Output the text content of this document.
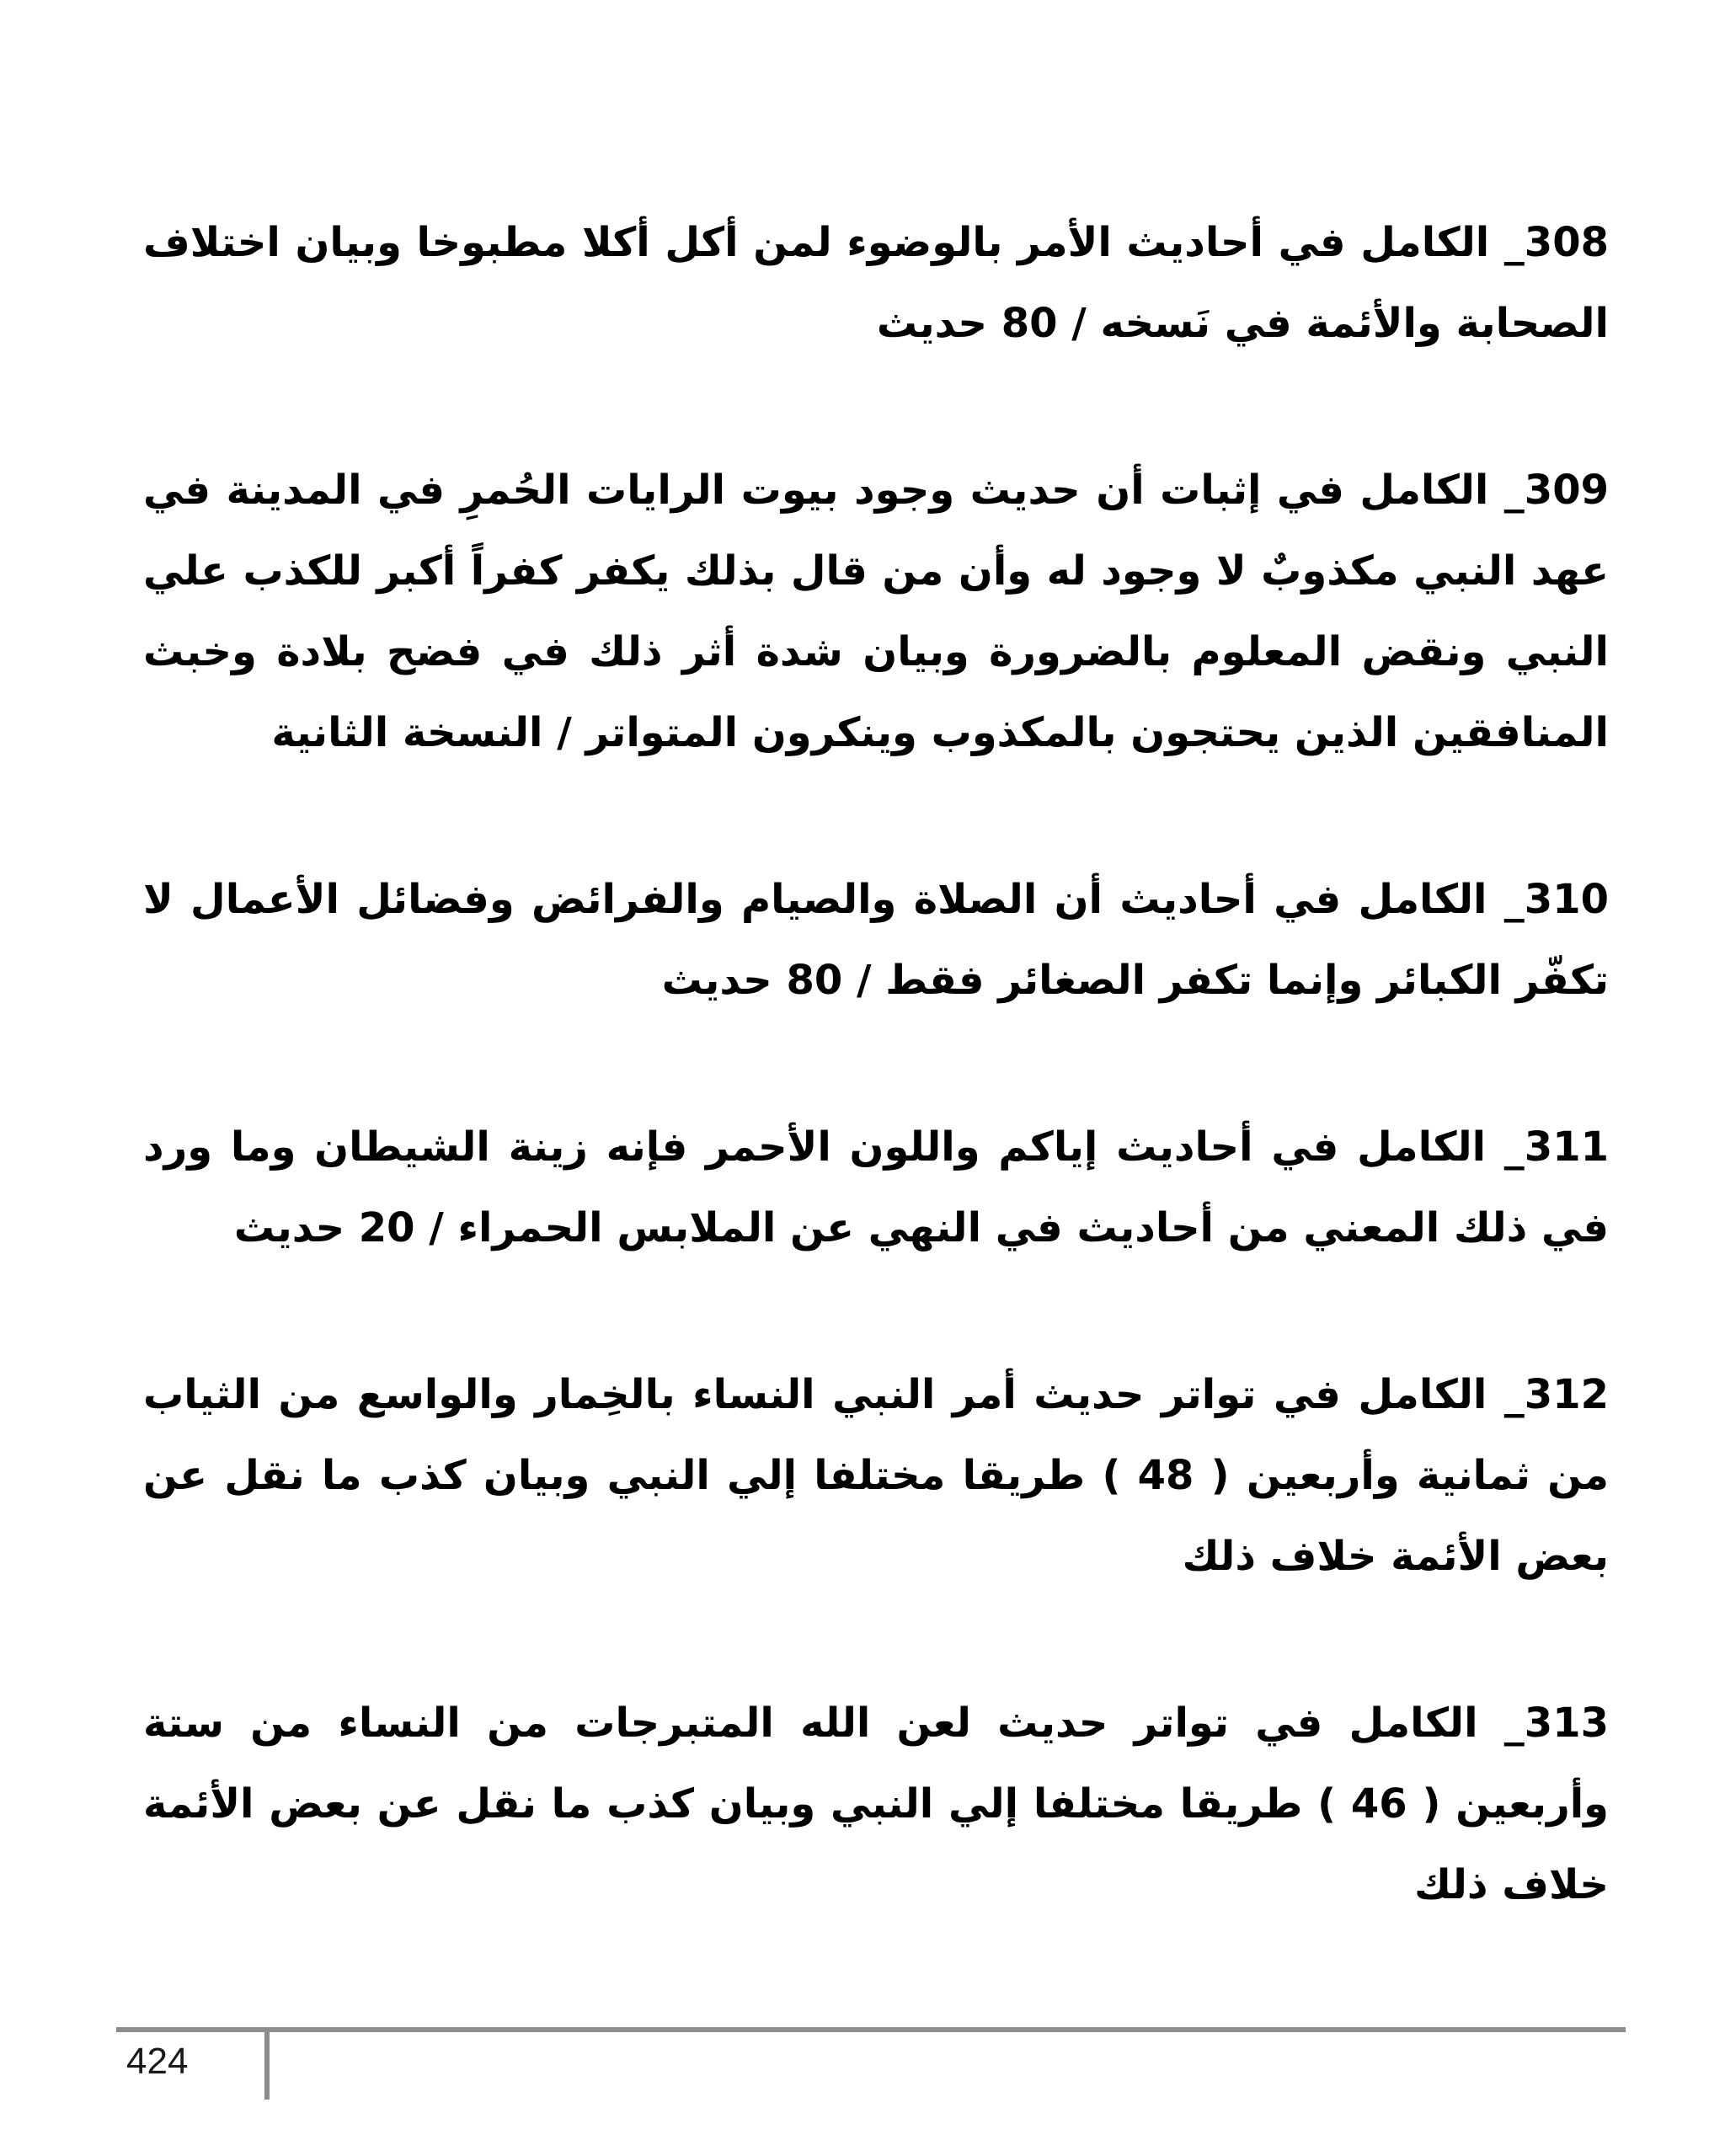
308_ الكامل في أحاديث الأمر بالوضوء لمن أكل أكلا مطبوخا وبيان اختلاف الصحابة والأئمة في نَسخه / 80 حديث

309_ الكامل في إثبات أن حديث وجود بيوت الرايات الحُمرِ في المدينة في عهد النبي مكذوبٌ لا وجود له وأن من قال بذلك يكفر كفراً أكبر للكذب علي النبي ونقض المعلوم بالضرورة وبيان شدة أثر ذلك في فضح بلادة وخبث المنافقين الذين يحتجون بالمكذوب وينكرون المتواتر / النسخة الثانية

310_ الكامل في أحاديث أن الصلاة والصيام والفرائض وفضائل الأعمال لا تكفّر الكبائر وإنما تكفر الصغائر فقط / 80 حديث

311_ الكامل في أحاديث إياكم واللون الأحمر فإنه زينة الشيطان وما ورد في ذلك المعني من أحاديث في النهي عن الملابس الحمراء / 20 حديث

312_ الكامل في تواتر حديث أمر النبي النساء بالخِمار والواسع من الثياب من ثمانية وأربعين ( 48 ) طريقا مختلفا إلي النبي وبيان كذب ما نقل عن بعض الأئمة خلاف ذلك

313_ الكامل في تواتر حديث لعن الله المتبرجات من النساء من ستة وأربعين ( 46 ) طريقا مختلفا إلي النبي وبيان كذب ما نقل عن بعض الأئمة خلاف ذلك

424
